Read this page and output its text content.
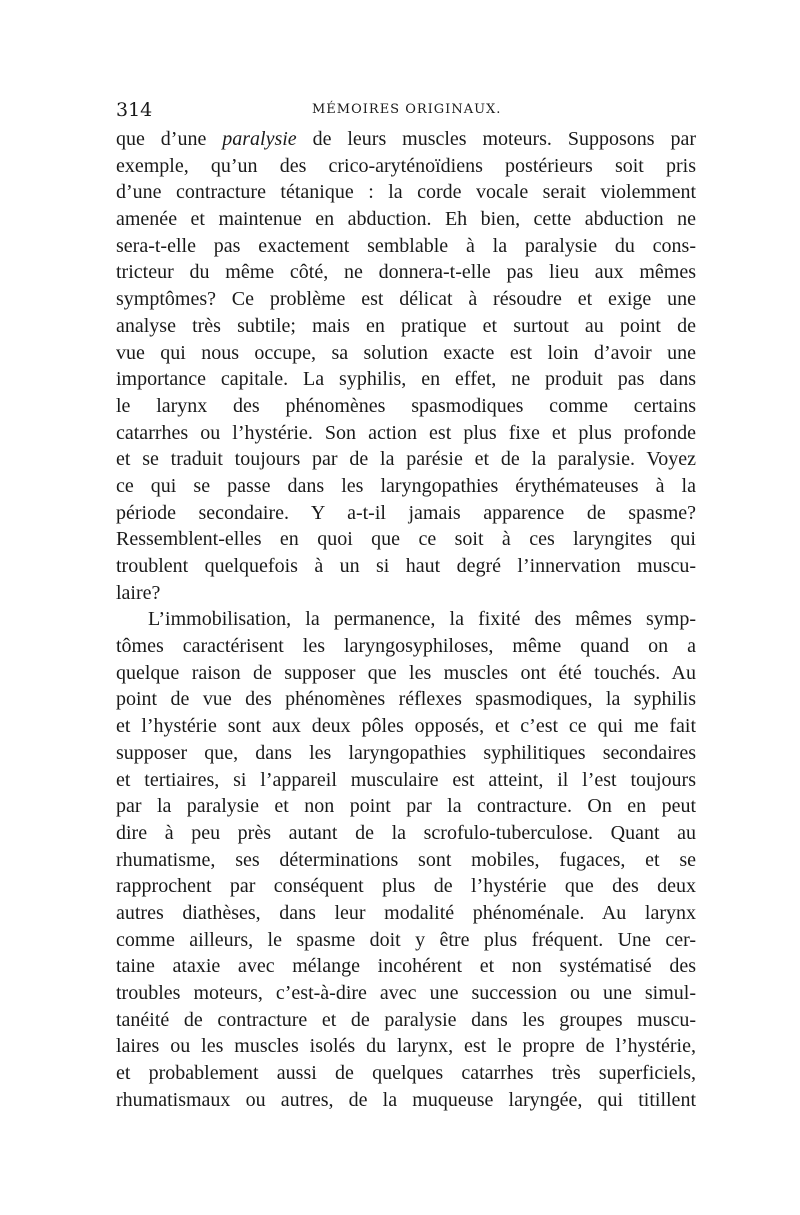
314	MÉMOIRES ORIGINAUX.
que d’une paralysie de leurs muscles moteurs. Supposons par
exemple, qu’un des crico-aryténoïdiens postérieurs soit pris
d’une contracture tétanique : la corde vocale serait violemment
amenée et maintenue en abduction. Eh bien, cette abduction ne
sera-t-elle pas exactement semblable à la paralysie du cons-
tricteur du même côté, ne donnera-t-elle pas lieu aux mêmes
symptômes? Ce problème est délicat à résoudre et exige une
analyse très subtile; mais en pratique et surtout au point de
vue qui nous occupe, sa solution exacte est loin d’avoir une
importance capitale. La syphilis, en effet, ne produit pas dans
le larynx des phénomènes spasmodiques comme certains
catarrhes ou l’hystérie. Son action est plus fixe et plus profonde
et se traduit toujours par de la parésie et de la paralysie. Voyez
ce qui se passe dans les laryngopathies érythémateuses à la
période secondaire. Y a-t-il jamais apparence de spasme?
Ressemblent-elles en quoi que ce soit à ces laryngites qui
troublent quelquefois à un si haut degré l’innervation muscu-
laire?
L’immobilisation, la permanence, la fixité des mêmes symp-
tômes caractérisent les laryngosyphiloses, même quand on a
quelque raison de supposer que les muscles ont été touchés. Au
point de vue des phénomènes réflexes spasmodiques, la syphilis
et l’hystérie sont aux deux pôles opposés, et c’est ce qui me fait
supposer que, dans les laryngopathies syphilitiques secondaires
et tertiaires, si l’appareil musculaire est atteint, il l’est toujours
par la paralysie et non point par la contracture. On en peut
dire à peu près autant de la scrofulo-tuberculose. Quant au
rhumatisme, ses déterminations sont mobiles, fugaces, et se
rapprochent par conséquent plus de l’hystérie que des deux
autres diathèses, dans leur modalité phénoménale. Au larynx
comme ailleurs, le spasme doit y être plus fréquent. Une cer-
taine ataxie avec mélange incohérent et non systématisé des
troubles moteurs, c’est-à-dire avec une succession ou une simul-
tanéité de contracture et de paralysie dans les groupes muscu-
laires ou les muscles isolés du larynx, est le propre de l’hystérie,
et probablement aussi de quelques catarrhes très superficiels,
rhumatismaux ou autres, de la muqueuse laryngée, qui titillent
